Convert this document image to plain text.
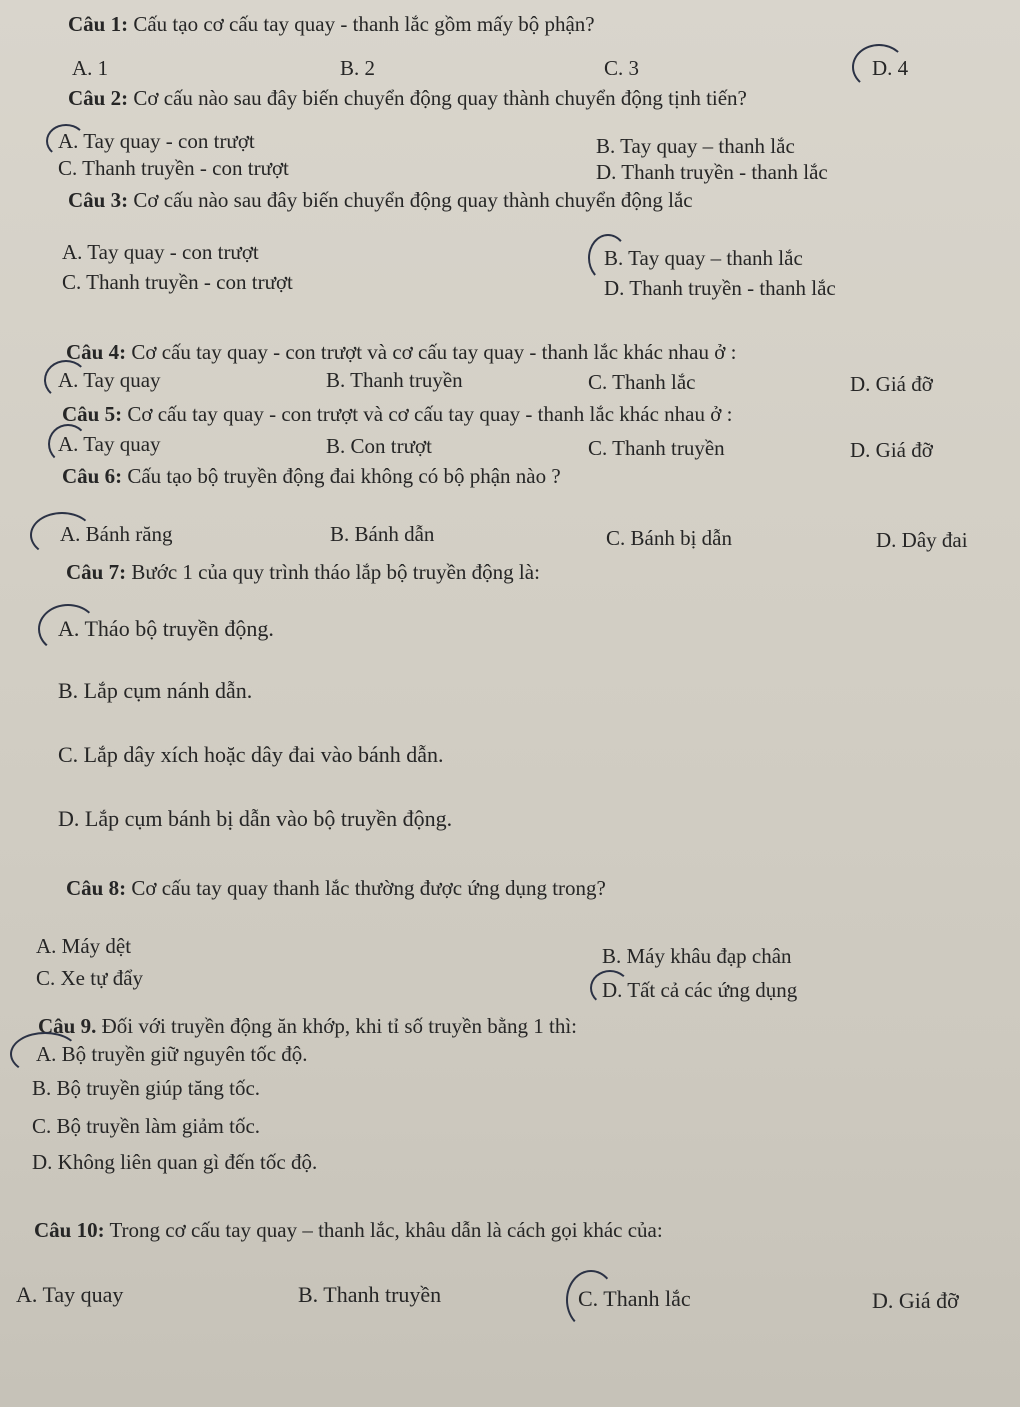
Câu 1: Cấu tạo cơ cấu tay quay - thanh lắc gồm mấy bộ phận?
A. 1	B. 2	C. 3	D. 4
Câu 2: Cơ cấu nào sau đây biến chuyển động quay thành chuyển động tịnh tiến?
A. Tay quay - con trượt	B. Tay quay – thanh lắc
C. Thanh truyền - con trượt	D. Thanh truyền - thanh lắc
Câu 3: Cơ cấu nào sau đây biến chuyển động quay thành chuyển động lắc
A. Tay quay - con trượt	B. Tay quay – thanh lắc
C. Thanh truyền - con trượt	D. Thanh truyền - thanh lắc
Câu 4: Cơ cấu tay quay - con trượt và cơ cấu tay quay - thanh lắc khác nhau ở :
A. Tay quay	B. Thanh truyền	C. Thanh lắc	D. Giá đỡ
Câu 5: Cơ cấu tay quay - con trượt và cơ cấu tay quay - thanh lắc khác nhau ở :
A. Tay quay	B. Con trượt	C. Thanh truyền	D. Giá đỡ
Câu 6: Cấu tạo bộ truyền động đai không có bộ phận nào ?
A. Bánh răng	B. Bánh dẫn	C. Bánh bị dẫn	D. Dây đai
Câu 7: Bước 1 của quy trình tháo lắp bộ truyền động là:
A. Tháo bộ truyền động.
B. Lắp cụm nánh dẫn.
C. Lắp dây xích hoặc dây đai vào bánh dẫn.
D. Lắp cụm bánh bị dẫn vào bộ truyền động.
Câu 8: Cơ cấu tay quay thanh lắc thường được ứng dụng trong?
A. Máy dệt	B. Máy khâu đạp chân
C. Xe tự đẩy	D. Tất cả các ứng dụng
Câu 9. Đối với truyền động ăn khớp, khi tỉ số truyền bằng 1 thì:
A. Bộ truyền giữ nguyên tốc độ.
B. Bộ truyền giúp tăng tốc.
C. Bộ truyền làm giảm tốc.
D. Không liên quan gì đến tốc độ.
Câu 10: Trong cơ cấu tay quay – thanh lắc, khâu dẫn là cách gọi khác của:
A. Tay quay	B. Thanh truyền	C. Thanh lắc	D. Giá đỡ
